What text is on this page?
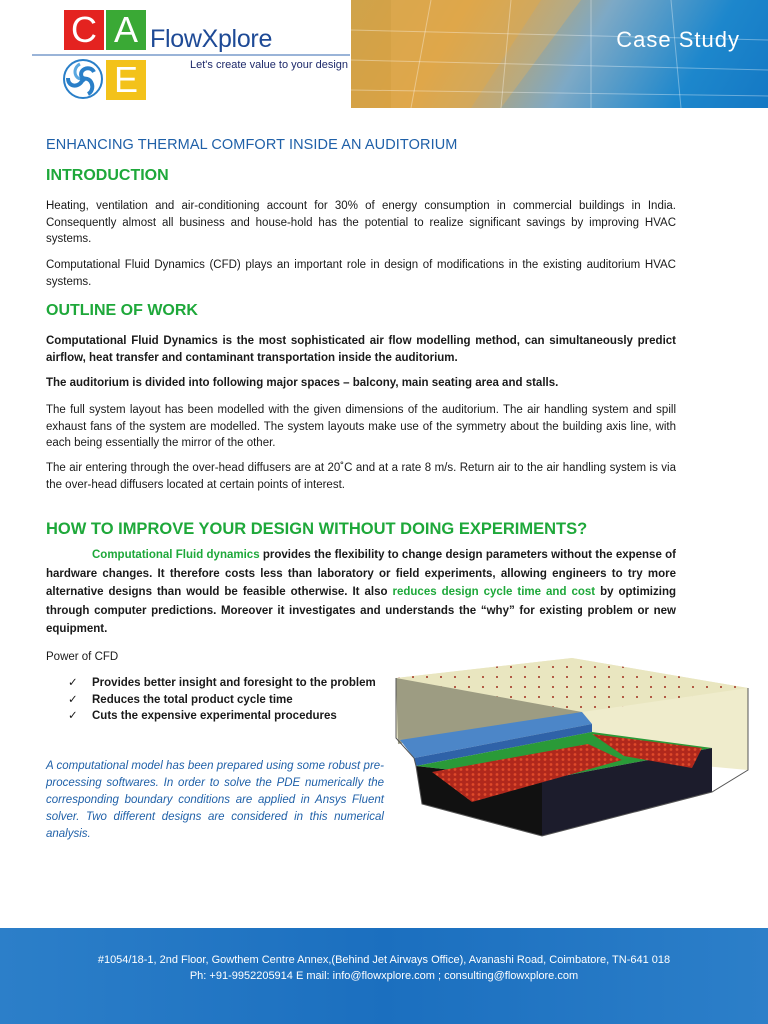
C A
E
FlowXplore
Let's create value to your design
Case Study
ENHANCING THERMAL COMFORT INSIDE AN AUDITORIUM
INTRODUCTION

Heating, ventilation and air-conditioning account for 30% of energy consumption in commercial buildings in India. Consequently almost all business and house-hold has the potential to realize significant savings by improving HVAC systems.

Computational Fluid Dynamics (CFD) plays an important role in design of modifications in the existing auditorium HVAC systems.

OUTLINE OF WORK

Computational Fluid Dynamics is the most sophisticated air flow modelling method, can simultaneously predict airflow, heat transfer and contaminant transportation inside the auditorium.

The auditorium is divided into following major spaces – balcony, main seating area and stalls.

The full system layout has been modelled with the given dimensions of the auditorium. The air handling system and spill exhaust fans of the system are modelled. The system layouts make use of the symmetry about the building axis line, with each being essentially the mirror of the other.

The air entering through the over-head diffusers are at 20˚C and at a rate 8 m/s. Return air to the air handling system is via the over-head diffusers located at certain points of interest.

HOW TO IMPROVE YOUR DESIGN WITHOUT DOING EXPERIMENTS?

Computational Fluid dynamics provides the flexibility to change design parameters without the expense of hardware changes. It therefore costs less than laboratory or field experiments, allowing engineers to try more alternative designs than would be feasible otherwise. It also reduces design cycle time and cost by optimizing through computer predictions. Moreover it investigates and understands the “why” for existing problem or new equipment.

Power of CFD
✓ Provides better insight and foresight to the problem
✓ Reduces the total product cycle time
✓ Cuts the expensive experimental procedures

A computational model has been prepared using some robust pre-processing softwares. In order to solve the PDE numerically the corresponding boundary conditions are applied in Ansys Fluent solver. Two different designs are considered in this numerical analysis.

#1054/18-1, 2nd Floor, Gowthem Centre Annex,(Behind Jet Airways Office), Avanashi Road, Coimbatore, TN-641 018
Ph: +91-9952205914 E mail: info@flowxplore.com ; consulting@flowxplore.com
